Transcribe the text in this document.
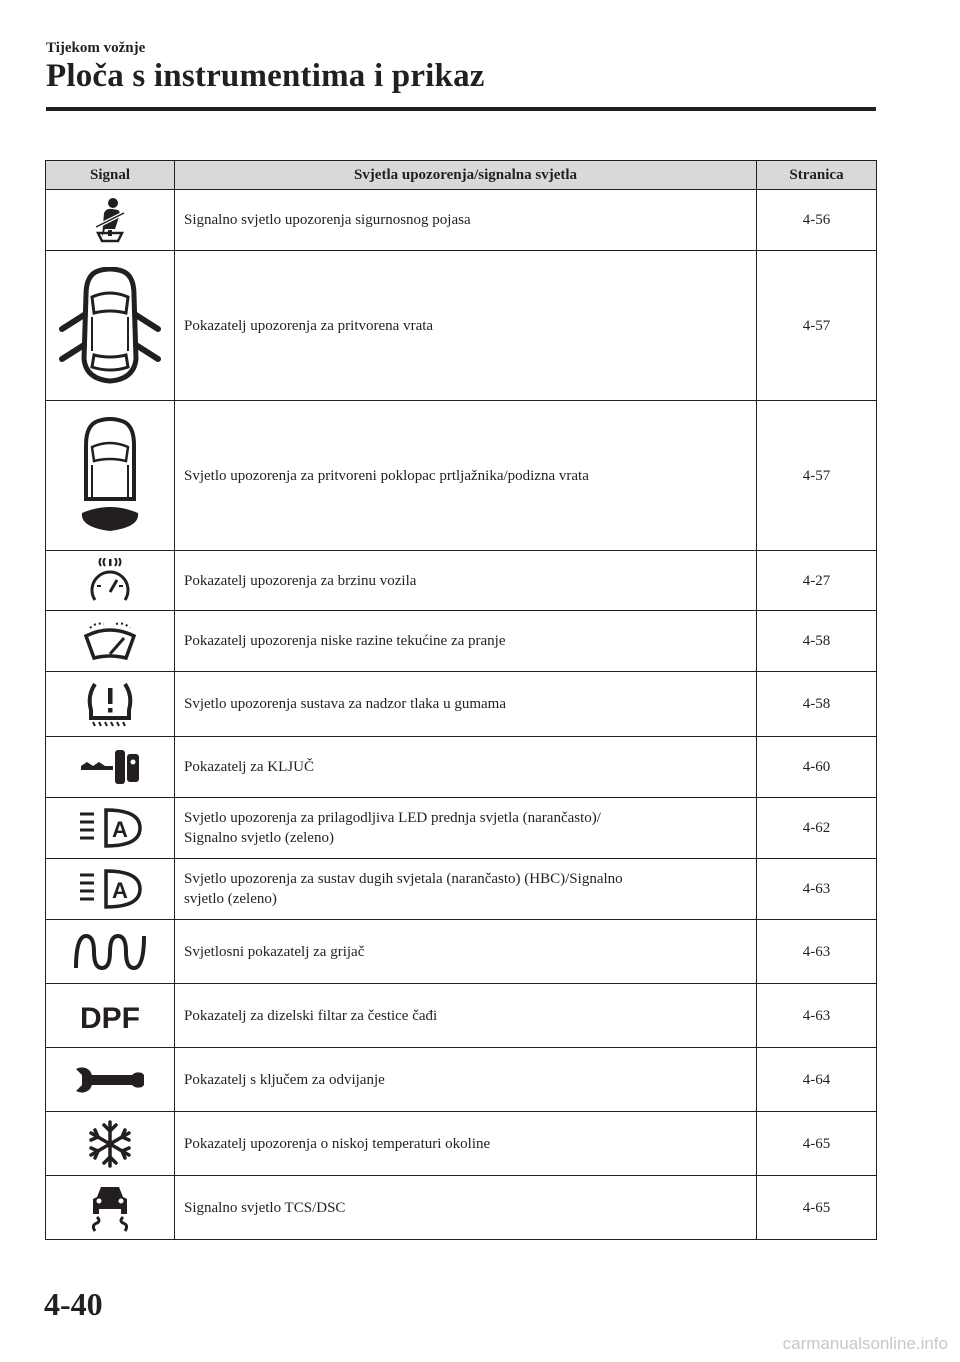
Tijekom vožnje
Ploča s instrumentima i prikaz
Signal	Svjetla upozorenja/signalna svjetla	Stranica

	Signalno svjetlo upozorenja sigurnosnog pojasa	4-56

	Pokazatelj upozorenja za pritvorena vrata	4-57

	Svjetlo upozorenja za pritvoreni poklopac prtljažnika/podizna vrata	4-57

	Pokazatelj upozorenja za brzinu vozila	4-27

	Pokazatelj upozorenja niske razine tekućine za pranje	4-58

	Svjetlo upozorenja sustava za nadzor tlaka u gumama	4-58

	Pokazatelj za KLJUČ	4-60

A	Svjetlo upozorenja za prilagodljiva LED prednja svjetla (narančasto)/
Signalno svjetlo (zeleno)	4-62

A	Svjetlo upozorenja za sustav dugih svjetala (narančasto) (HBC)/Signalno
svjetlo (zeleno)	4-63

	Svjetlosni pokazatelj za grijač	4-63

DPF	Pokazatelj za dizelski filtar za čestice čađi	4-63

	Pokazatelj s ključem za odvijanje	4-64

	Pokazatelj upozorenja o niskoj temperaturi okoline	4-65

	Signalno svjetlo TCS/DSC	4-65
4-40
carmanualsonline.info
